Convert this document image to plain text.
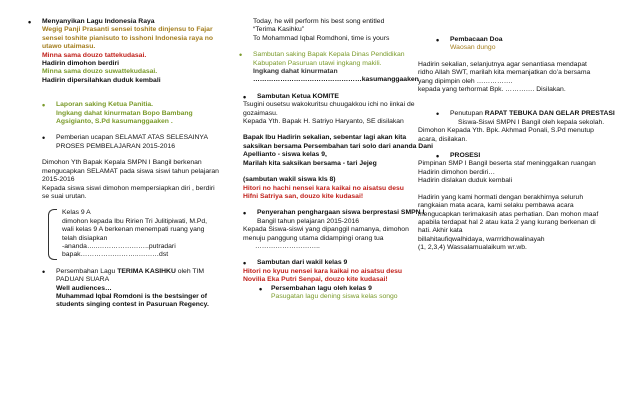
• Menyanyikan Lagu Indonesia Raya
Wegig Panji Prasanti sensei toshite dinjensu to Fajar
sensei toshite pianisuto to isshoni Indonesia raya no
utawo utaimasu.
Minna sama douzo tattekudasai.
Hadirin dimohon berdiri
Minna sama douzo suwattekudasai.
Hadirin dipersilahkan duduk kembali
• Laporan saking Ketua Panitia.
Ingkang dahat kinurmatan Bopo Bambang
Agsigianto, S.Pd kasumanggaaken .
• Pemberian ucapan SELAMAT ATAS SELESAINYA
PROSES PEMBELAJARAN 2015-2016
Dimohon Yth Bapak Kepala SMPN I Bangil berkenan
mengucapkan SELAMAT pada siswa siswi tahun pelajaran
2015-2016
Kepada siswa siswi dimohon mempersiapkan diri , berdiri
se suai urutan.
Kelas 9 A
dimohon kepada Ibu Ririen Tri Julitipiwati, M.Pd,
wali kelas 9 A berkenan menempati ruang yang
telah disiapkan
-ananda…..…………………..putradari
bapak……………………..………dst
• Persembahan Lagu TERIMA KASIHKU oleh TIM
PADUAN SUARA
Well audiences…
Muhammad Iqbal Romdoni is the bestsinger of
students singing contest in Pasuruan Regency.
Today, he will perform his best song entitled
“Terima Kasihku”
To Mohammad Iqbal Romdhoni, time is yours
• Sambutan saking Bapak Kepala Dinas Pendidikan
Kabupaten Pasuruan utawi ingkang makili.
Ingkang dahat kinurmatan
…………………………………………kasumanggaaken
• Sambutan Ketua KOMITE
Tsugini ousetsu wakokuritsu chuugakkou ichi no iinkai de
gozaimasu.
Kepada Yth. Bapak H. Satriyo Haryanto, SE disilakan
Bapak Ibu Hadirin sekalian, sebentar lagi akan kita
saksikan bersama Persembahan tari solo dari ananda Dani
Apellianto - siswa kelas 9,
Marilah kita saksikan bersama - tari Jejeg
(sambutan wakil siswa kls 8)
Hitori no hachi nensei kara kaikai no aisatsu desu
Hifni Satriya san, douzo kite kudasai!
• Penyerahan penghargaan siswa berprestasi SMPN I
Bangil tahun pelajaran 2015-2016
Kepada Siswa-siswi yang dipanggil namanya, dimohon
menuju panggung utama didampingi orang tua
………………………..
• Sambutan dari wakil kelas 9
Hitori no kyuu nensei kara kaikai no aisatsu desu
Novilia Eka Putri Senpai, douzo kite kudasai!
• Persembahan lagu oleh kelas 9
Pasugatan lagu dening siswa kelas songo
• Pembacaan Doa
Waosan dungo
Hadirin sekalian, selanjutnya agar senantiasa mendapat
ridho Allah SWT, marilah kita memanjatkan do’a bersama
yang dipimpin oleh …………….
kepada yang terhormat Bpk. …………. Disilakan.
• Penutupan RAPAT TEBUKA DAN GELAR PRESTASI
Siswa-Siswi SMPN I Bangil oleh kepala sekolah.
Dimohon Kepada Yth. Bpk. Akhmad Ponali, S.Pd menutup
acara, disilakan.
• PROSESI
Pimpinan SMP I Bangil beserta staf meninggalkan ruangan
Hadirin dimohon berdiri…
Hadirin dislakan duduk kembali
Hadirin yang kami hormati dengan berakhirnya seluruh
rangkaian mata acara, kami selaku pembawa acara
mengucapkan terimakasih atas perhatian. Dan mohon maaf
apabila terdapat hal 2 atau kata 2 yang kurang berkenan di
hati. Akhir kata
billahitaufiqwalhidaya, warrridhowalinayah
(1, 2,3,4) Wassalamualaikum wr.wb.
